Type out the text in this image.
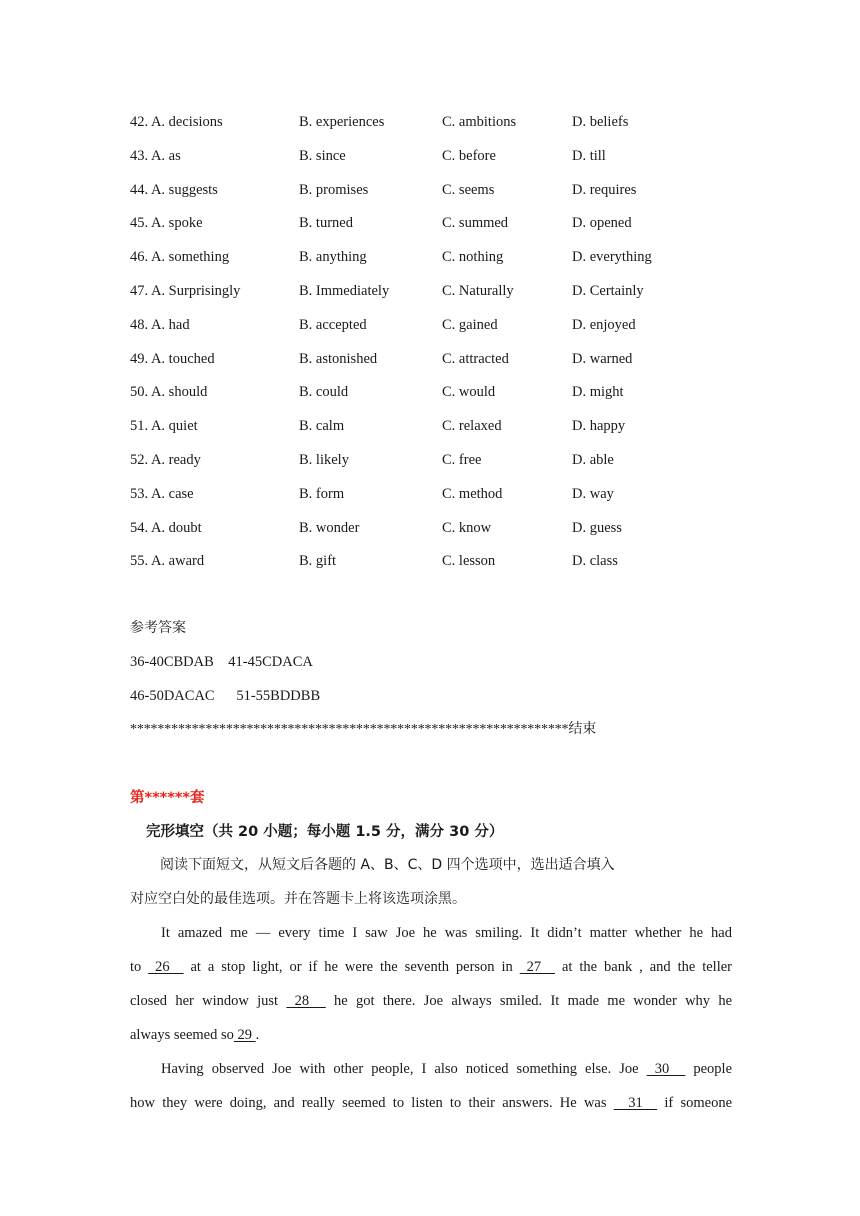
42. A. decisions	B. experiences	C. ambitions	D. beliefs
43. A. as	B. since	C. before	D. till
44. A. suggests	B. promises	C. seems	D. requires
45. A. spoke	B. turned	C. summed	D. opened
46. A. something	B. anything	C. nothing	D. everything
47. A. Surprisingly	B. Immediately	C. Naturally	D. Certainly
48. A. had	B. accepted	C. gained	D. enjoyed
49. A. touched	B. astonished	C. attracted	D. warned
50. A. should	B. could	C. would	D. might
51. A. quiet	B. calm	C. relaxed	D. happy
52. A. ready	B. likely	C. free	D. able
53. A. case	B. form	C. method	D. way
54. A. doubt	B. wonder	C. know	D. guess
55. A. award	B. gift	C. lesson	D. class
参考答案
36-40CBDAB    41-45CDACA
46-50DACAC      51-55BDDBB
****************************************************************结束
第******套
完形填空（共 20 小题；每小题 1.5 分，满分 30 分）
阅读下面短文，从短文后各题的 A、B、C、D 四个选项中，选出适合填入
对应空白处的最佳选项。并在答题卡上将该选项涂黑。
It amazed me — every time I saw Joe he was smiling. It didn’t matter whether he had
to  26   at a stop light, or if he were the seventh person in  27   at the bank , and the teller
closed her window just  28   he got there. Joe always smiled. It made me wonder why he
always seemed so 29 .
Having observed Joe with other people, I also noticed something else. Joe  30   people
how they were doing, and really seemed to listen to their answers. He was   31   if someone
